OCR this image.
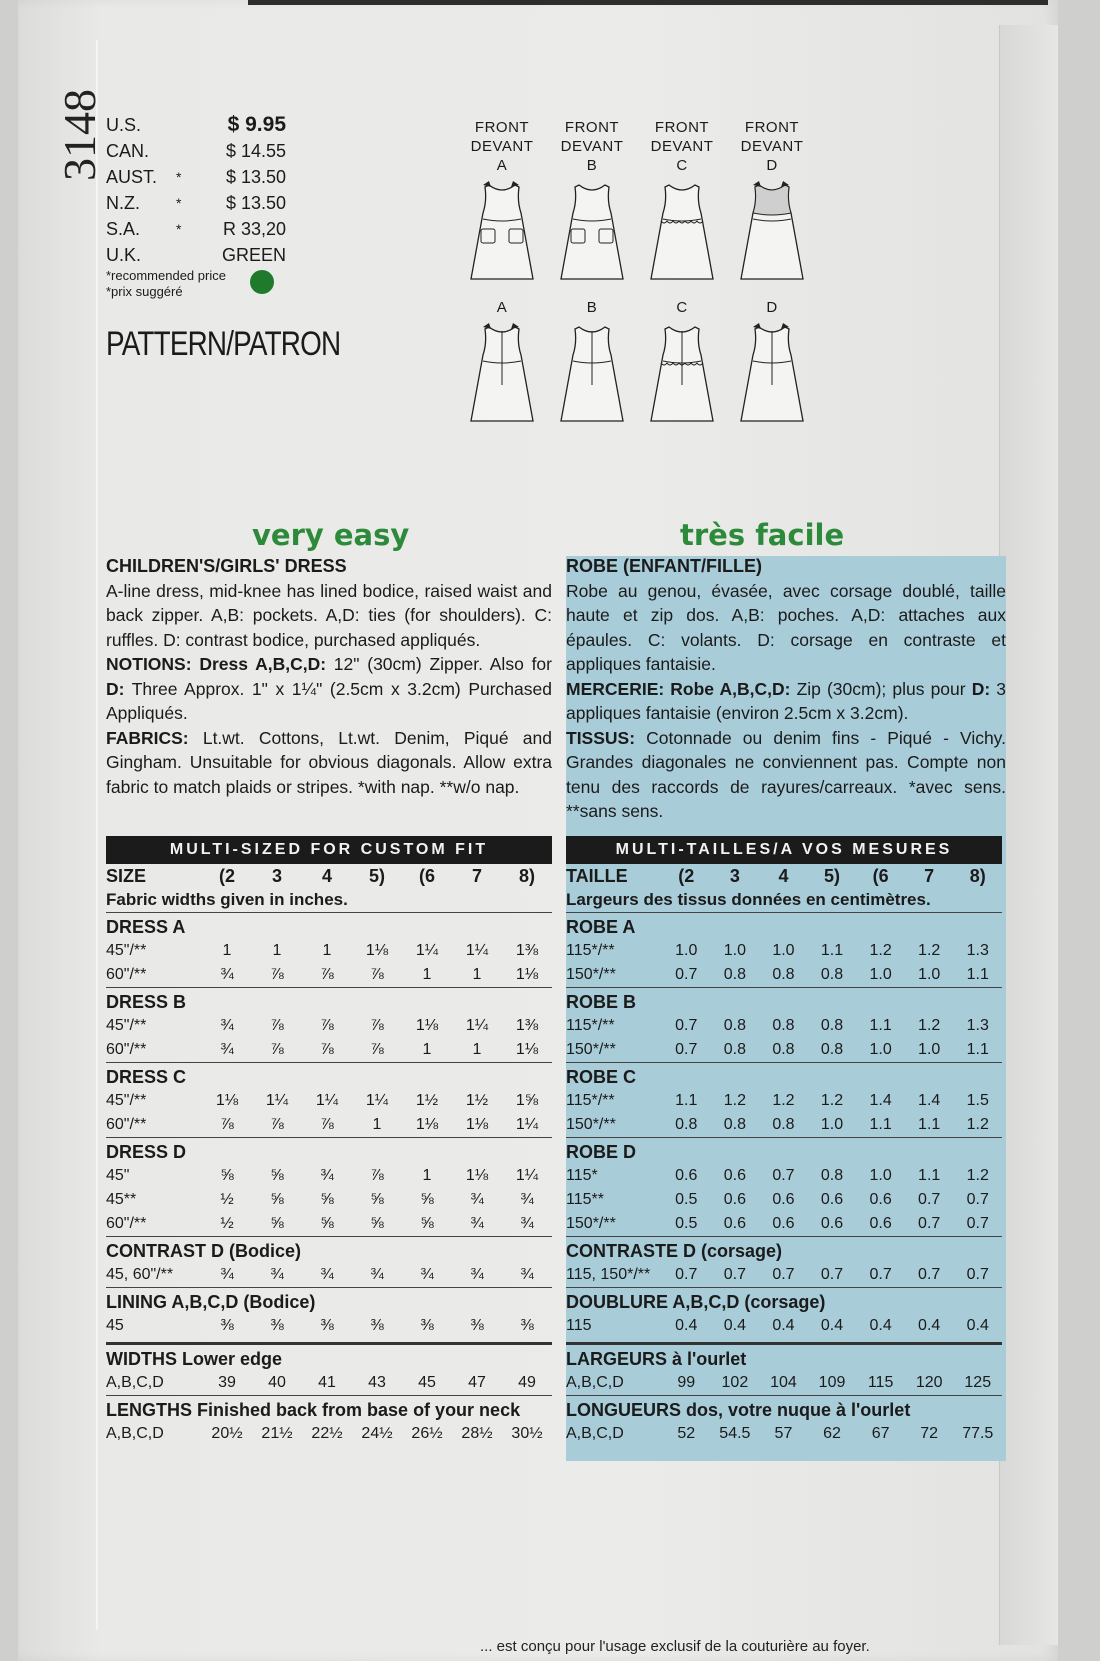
3148 U.S.	$ 9.95
CAN.	$ 14.55
AUST.	*	$ 13.50
N.Z.	*	$ 13.50
S.A.	*	R 33,20
U.K.	GREEN
*recommended price
*prix suggéré
PATTERN/PATRON
FRONT
DEVANT
A
A
FRONT
DEVANT
B
B
FRONT
DEVANT
C
C
FRONT
DEVANT
D
D
very easy	très facile
CHILDREN'S/GIRLS' DRESS

A-line dress, mid-knee has lined bodice, raised waist and back zipper. A,B: pockets. A,D: ties (for shoulders). C: ruffles. D: contrast bodice, purchased appliqués.

NOTIONS: Dress A,B,C,D: 12" (30cm) Zipper. Also for D: Three Approx. 1" x 1¼" (2.5cm x 3.2cm) Purchased Appliqués.

FABRICS: Lt.wt. Cottons, Lt.wt. Denim, Piqué and Gingham. Unsuitable for obvious diagonals. Allow extra fabric to match plaids or stripes. *with nap. **w/o nap.

ROBE (ENFANT/FILLE)

Robe au genou, évasée, avec corsage doublé, taille haute et zip dos. A,B: poches. A,D: attaches aux épaules. C: volants. D: corsage en contraste et appliques fantaisie.

MERCERIE: Robe A,B,C,D: Zip (30cm); plus pour D: 3 appliques fantaisie (environ 2.5cm x 3.2cm).

TISSUS: Cotonnade ou denim fins - Piqué - Vichy. Grandes diagonales ne conviennent pas. Compte non tenu des raccords de rayures/carreaux. *avec sens. **sans sens.

MULTI-SIZED FOR CUSTOM FIT
SIZE	(2	3	4	5)	(6	7	8)
Fabric widths given in inches.
DRESS A
45"/**	1	1	1	1⅛	1¼	1¼	1⅜
60"/**	¾	⅞	⅞	⅞	1	1	1⅛
DRESS B
45"/**	¾	⅞	⅞	⅞	1⅛	1¼	1⅜
60"/**	¾	⅞	⅞	⅞	1	1	1⅛
DRESS C
45"/**	1⅛	1¼	1¼	1¼	1½	1½	1⅝
60"/**	⅞	⅞	⅞	1	1⅛	1⅛	1¼
DRESS D
45"	⅝	⅝	¾	⅞	1	1⅛	1¼
45**	½	⅝	⅝	⅝	⅝	¾	¾
60"/**	½	⅝	⅝	⅝	⅝	¾	¾
CONTRAST D (Bodice)
45, 60"/**	¾	¾	¾	¾	¾	¾	¾
LINING A,B,C,D (Bodice)
45	⅜	⅜	⅜	⅜	⅜	⅜	⅜
WIDTHS Lower edge
A,B,C,D	39	40	41	43	45	47	49
LENGTHS Finished back from base of your neck
A,B,C,D	20½	21½	22½	24½	26½	28½	30½
MULTI-TAILLES/A VOS MESURES
TAILLE	(2	3	4	5)	(6	7	8)
Largeurs des tissus données en centimètres.
ROBE A
115*/**	1.0	1.0	1.0	1.1	1.2	1.2	1.3
150*/**	0.7	0.8	0.8	0.8	1.0	1.0	1.1
ROBE B
115*/**	0.7	0.8	0.8	0.8	1.1	1.2	1.3
150*/**	0.7	0.8	0.8	0.8	1.0	1.0	1.1
ROBE C
115*/**	1.1	1.2	1.2	1.2	1.4	1.4	1.5
150*/**	0.8	0.8	0.8	1.0	1.1	1.1	1.2
ROBE D
115*	0.6	0.6	0.7	0.8	1.0	1.1	1.2
115**	0.5	0.6	0.6	0.6	0.6	0.7	0.7
150*/**	0.5	0.6	0.6	0.6	0.6	0.7	0.7
CONTRASTE D (corsage)
115, 150*/**	0.7	0.7	0.7	0.7	0.7	0.7	0.7
DOUBLURE A,B,C,D (corsage)
115	0.4	0.4	0.4	0.4	0.4	0.4	0.4
LARGEURS à l'ourlet
A,B,C,D	99	102	104	109	115	120	125
LONGUEURS dos, votre nuque à l'ourlet
A,B,C,D	52	54.5	57	62	67	72	77.5
... est conçu pour l'usage exclusif de la couturière au foyer.
